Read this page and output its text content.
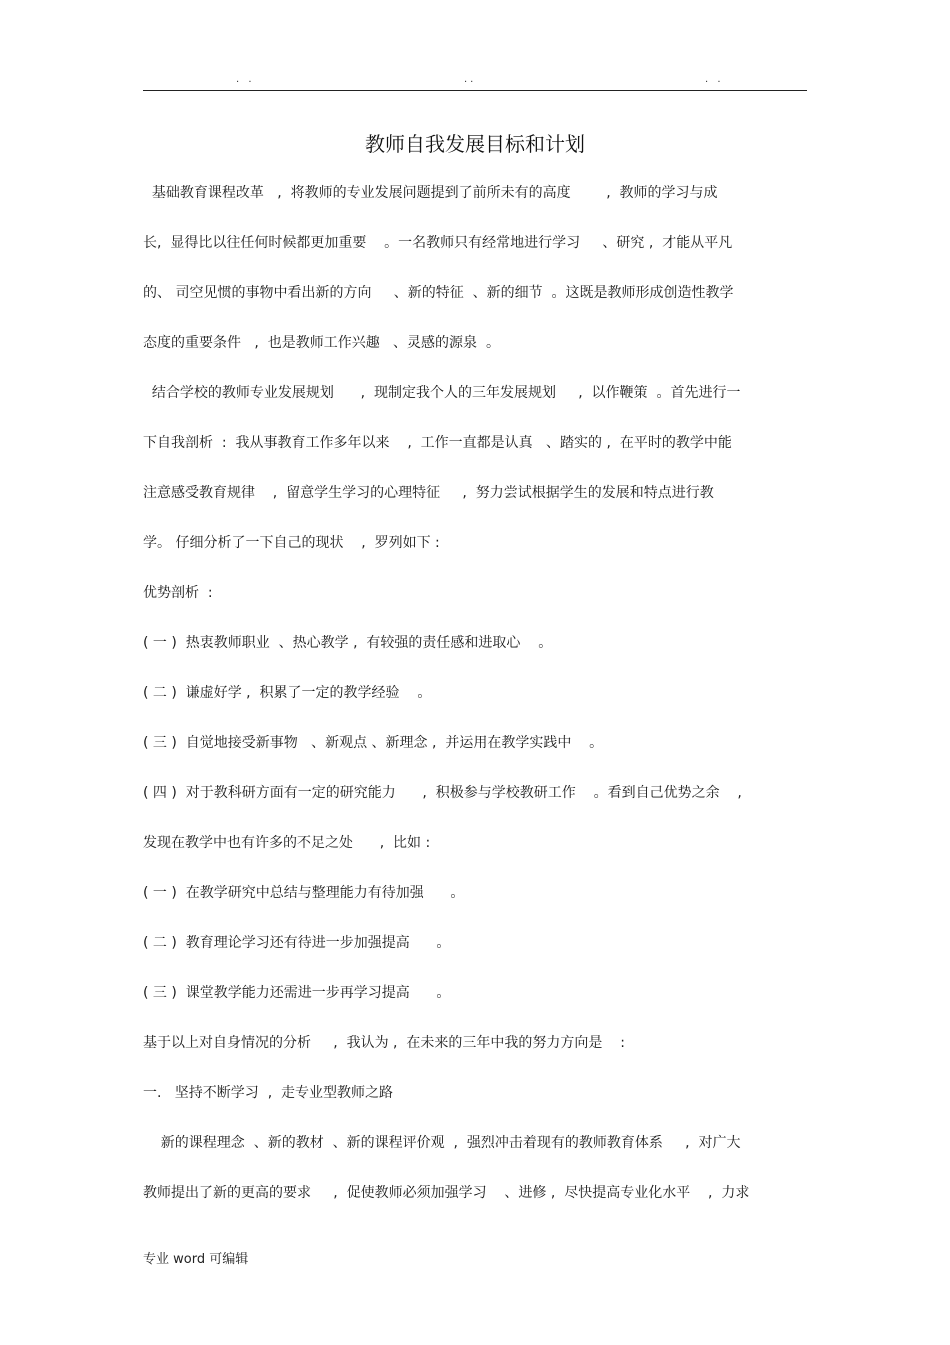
. .	..	. .
教师自我发展目标和计划
基础教育课程改革   ,  将教师的专业发展问题提到了前所未有的高度        ,  教师的学习与成
长,  显得比以往任何时候都更加重要    。一名教师只有经常地进行学习     、研究 ,  才能从平凡
的、 司空见惯的事物中看出新的方向     、新的特征  、新的细节  。这既是教师形成创造性教学
态度的重要条件   ,  也是教师工作兴趣   、灵感的源泉  。
结合学校的教师专业发展规划      ,  现制定我个人的三年发展规划     ,  以作鞭策  。首先进行一
下自我剖析  :  我从事教育工作多年以来    ,  工作一直都是认真   、踏实的 ,  在平时的教学中能
注意感受教育规律    ,  留意学生学习的心理特征     ,  努力尝试根据学生的发展和特点进行教
学。 仔细分析了一下自己的现状    ,  罗列如下 :
优势剖析  :
( 一 )  热衷教师职业  、热心教学 ,  有较强的责任感和进取心    。
( 二 )  谦虚好学 ,  积累了一定的教学经验    。
( 三 )  自觉地接受新事物   、新观点 、新理念 ,  并运用在教学实践中    。
( 四 )  对于教科研方面有一定的研究能力      ,  积极参与学校教研工作    。看到自己优势之余    ,
发现在教学中也有许多的不足之处      ,  比如 :
( 一 )  在教学研究中总结与整理能力有待加强      。
( 二 )  教育理论学习还有待进一步加强提高      。
( 三 )  课堂教学能力还需进一步再学习提高      。
基于以上对自身情况的分析     ,  我认为 ,  在未来的三年中我的努力方向是    :
一.   坚持不断学习  ,  走专业型教师之路
新的课程理念  、新的教材  、新的课程评价观  ,  强烈冲击着现有的教师教育体系     ,  对广大
教师提出了新的更高的要求     ,  促使教师必须加强学习    、进修 ,  尽快提高专业化水平    ,  力求
专业 word 可编辑
